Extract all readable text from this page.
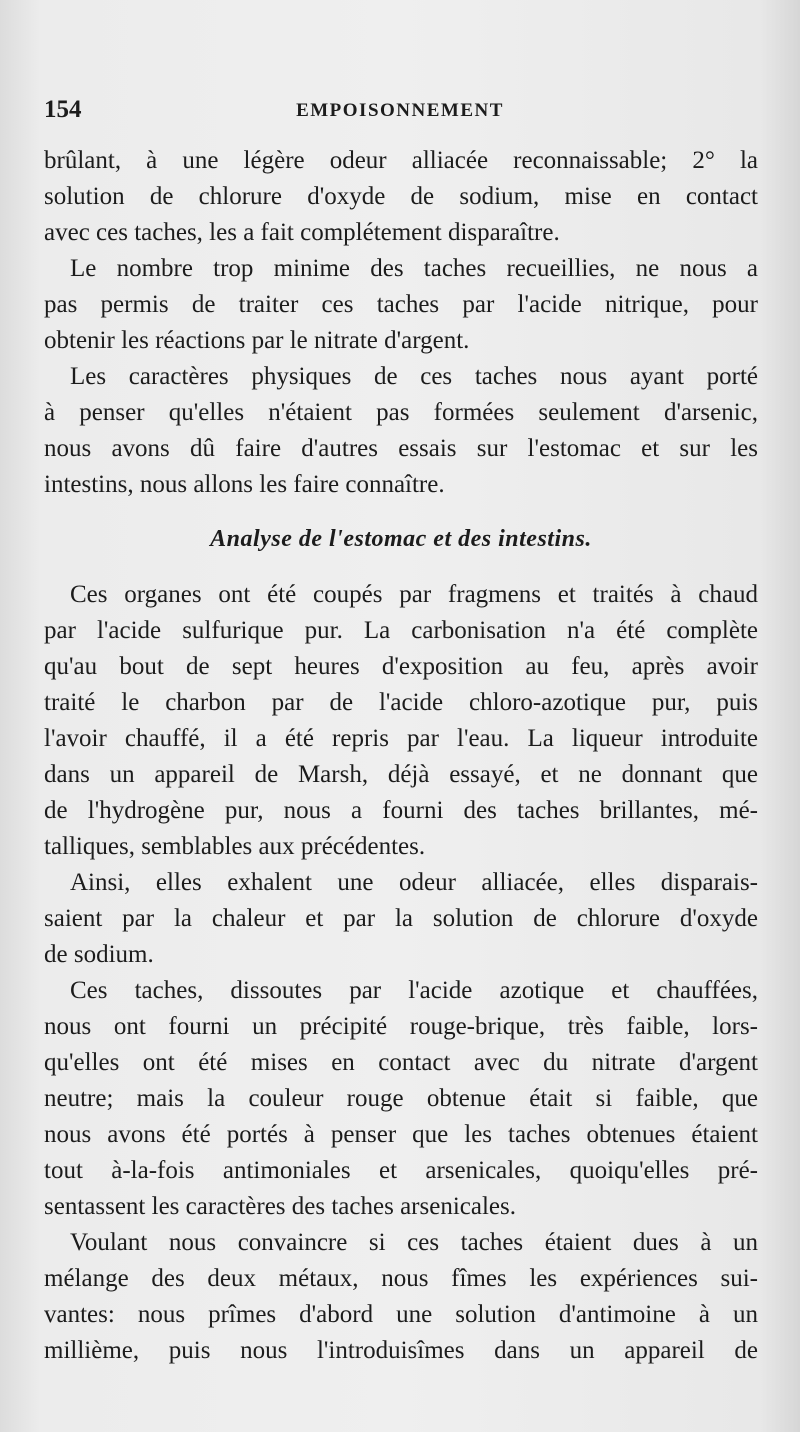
154	EMPOISONNEMENT
brûlant, à une légère odeur alliacée reconnaissable; 2° la
solution de chlorure d'oxyde de sodium, mise en contact
avec ces taches, les a fait complétement disparaître.
Le nombre trop minime des taches recueillies, ne nous a
pas permis de traiter ces taches par l'acide nitrique, pour
obtenir les réactions par le nitrate d'argent.
Les caractères physiques de ces taches nous ayant porté
à penser qu'elles n'étaient pas formées seulement d'arsenic,
nous avons dû faire d'autres essais sur l'estomac et sur les
intestins, nous allons les faire connaître.
Analyse de l'estomac et des intestins.
Ces organes ont été coupés par fragmens et traités à chaud
par l'acide sulfurique pur. La carbonisation n'a été complète
qu'au bout de sept heures d'exposition au feu, après avoir
traité le charbon par de l'acide chloro-azotique pur, puis
l'avoir chauffé, il a été repris par l'eau. La liqueur introduite
dans un appareil de Marsh, déjà essayé, et ne donnant que
de l'hydrogène pur, nous a fourni des taches brillantes, mé-
talliques, semblables aux précédentes.
Ainsi, elles exhalent une odeur alliacée, elles disparais-
saient par la chaleur et par la solution de chlorure d'oxyde
de sodium.
Ces taches, dissoutes par l'acide azotique et chauffées,
nous ont fourni un précipité rouge-brique, très faible, lors-
qu'elles ont été mises en contact avec du nitrate d'argent
neutre; mais la couleur rouge obtenue était si faible, que
nous avons été portés à penser que les taches obtenues étaient
tout à-la-fois antimoniales et arsenicales, quoiqu'elles pré-
sentassent les caractères des taches arsenicales.
Voulant nous convaincre si ces taches étaient dues à un
mélange des deux métaux, nous fîmes les expériences sui-
vantes: nous prîmes d'abord une solution d'antimoine à un
millième, puis nous l'introduisîmes dans un appareil de
